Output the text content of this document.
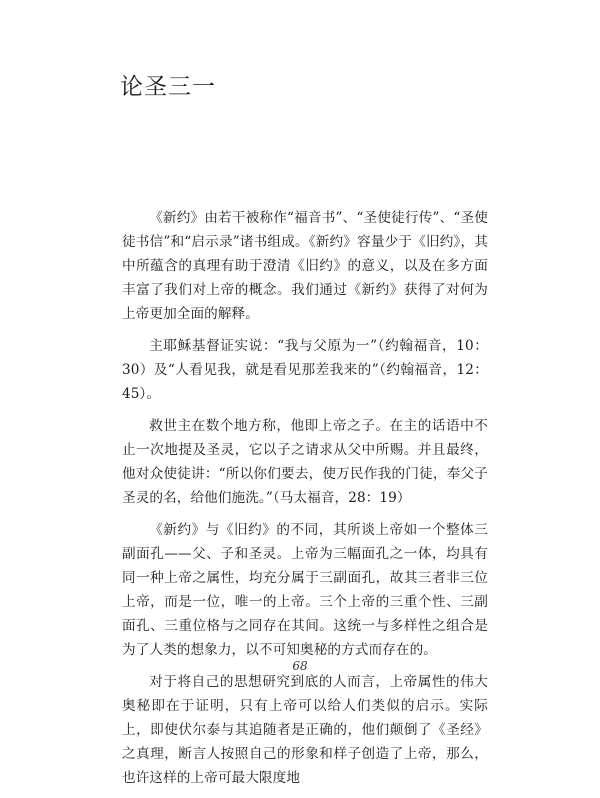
论圣三一

《新约》由若干被称作“福音书”、“圣使徒行传”、“圣使徒书信”和“启示录”诸书组成。《新约》容量少于《旧约》，其中所蕴含的真理有助于澄清《旧约》的意义，以及在多方面丰富了我们对上帝的概念。我们通过《新约》获得了对何为上帝更加全面的解释。

主耶稣基督证实说：“我与父原为一”（约翰福音，10：30）及“人看见我，就是看见那差我来的”（约翰福音，12：45）。

救世主在数个地方称，他即上帝之子。在主的话语中不止一次地提及圣灵，它以子之请求从父中所赐。并且最终，他对众使徒讲：“所以你们要去，使万民作我的门徒，奉父子圣灵的名，给他们施洗。”（马太福音，28：19）

《新约》与《旧约》的不同，其所谈上帝如一个整体三副面孔——父、子和圣灵。上帝为三幅面孔之一体，均具有同一种上帝之属性，均充分属于三副面孔，故其三者非三位上帝，而是一位，唯一的上帝。三个上帝的三重个性、三副面孔、三重位格与之同存在其间。这统一与多样性之组合是为了人类的想象力，以不可知奥秘的方式而存在的。

对于将自己的思想研究到底的人而言，上帝属性的伟大奥秘即在于证明，只有上帝可以给人们类似的启示。实际上，即使伏尔泰与其追随者是正确的，他们颠倒了《圣经》之真理，断言人按照自己的形象和样子创造了上帝，那么，也许这样的上帝可最大限度地

68
